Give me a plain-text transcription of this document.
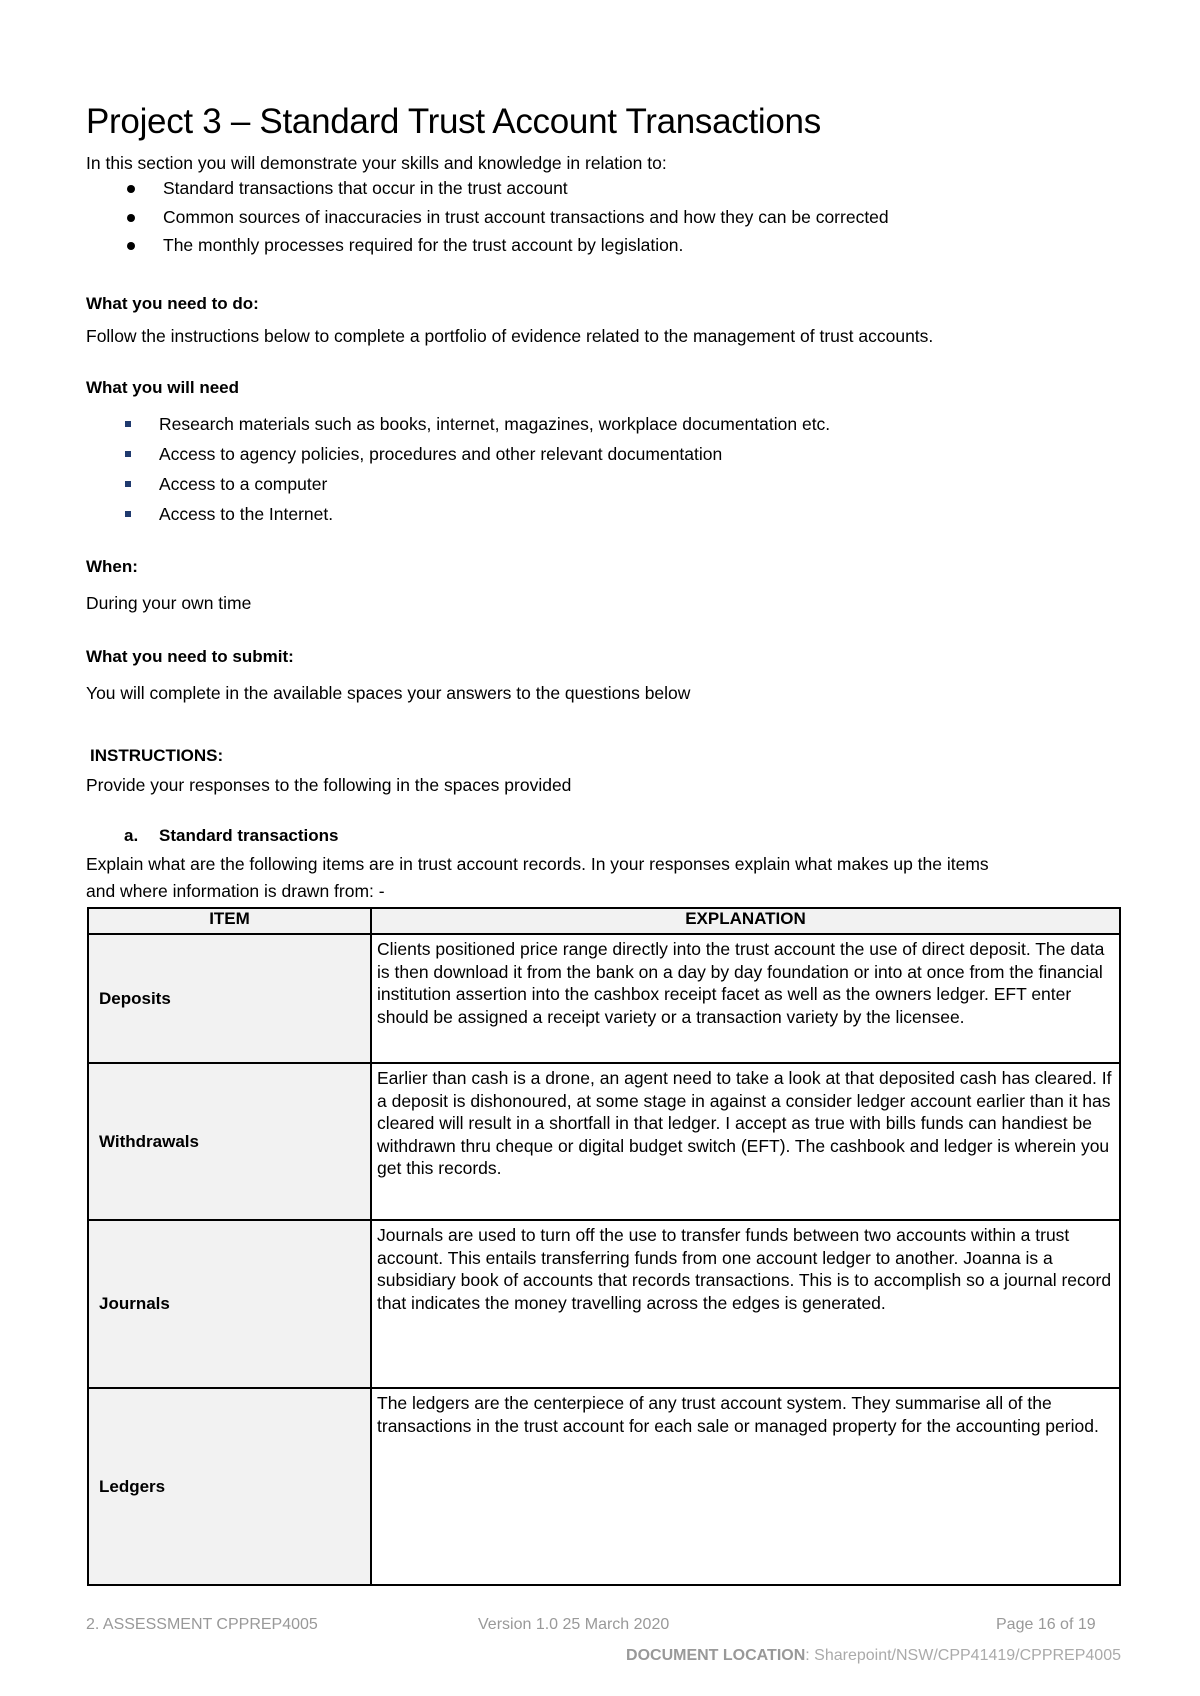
Project 3 – Standard Trust Account Transactions
In this section you will demonstrate your skills and knowledge in relation to:
Standard transactions that occur in the trust account
Common sources of inaccuracies in trust account transactions and how they can be corrected
The monthly processes required for the trust account by legislation.
What you need to do:
Follow the instructions below to complete a portfolio of evidence related to the management of trust accounts.
What you will need
Research materials such as books, internet, magazines, workplace documentation etc.
Access to agency policies, procedures and other relevant documentation
Access to a computer
Access to the Internet.
When:
During your own time
What you need to submit:
You will complete in the available spaces your answers to the questions below
INSTRUCTIONS:
Provide your responses to the following in the spaces provided
a. Standard transactions
Explain what are the following items are in trust account records. In your responses explain what makes up the items
and where information is drawn from: -
ITEM	EXPLANATION
Deposits	Clients positioned price range directly into the trust account the use of direct deposit. The data is then download it from the bank on a day by day foundation or into at once from the financial institution assertion into the cashbox receipt facet as well as the owners ledger. EFT enter should be assigned a receipt variety or a transaction variety by the licensee.
Withdrawals	Earlier than cash is a drone, an agent need to take a look at that deposited cash has cleared. If a deposit is dishonoured, at some stage in against a consider ledger account earlier than it has cleared will result in a shortfall in that ledger. I accept as true with bills funds can handiest be withdrawn thru cheque or digital budget switch (EFT). The cashbook and ledger is wherein you get this records.
Journals	Journals are used to turn off the use to transfer funds between two accounts within a trust account. This entails transferring funds from one account ledger to another. Joanna is a subsidiary book of accounts that records transactions. This is to accomplish so a journal record that indicates the money travelling across the edges is generated.
Ledgers	The ledgers are the centerpiece of any trust account system. They summarise all of the transactions in the trust account for each sale or managed property for the accounting period.
2. ASSESSMENT CPPREP4005	Version 1.0 25 March 2020	Page 16 of 19
DOCUMENT LOCATION: Sharepoint/NSW/CPP41419/CPPREP4005
